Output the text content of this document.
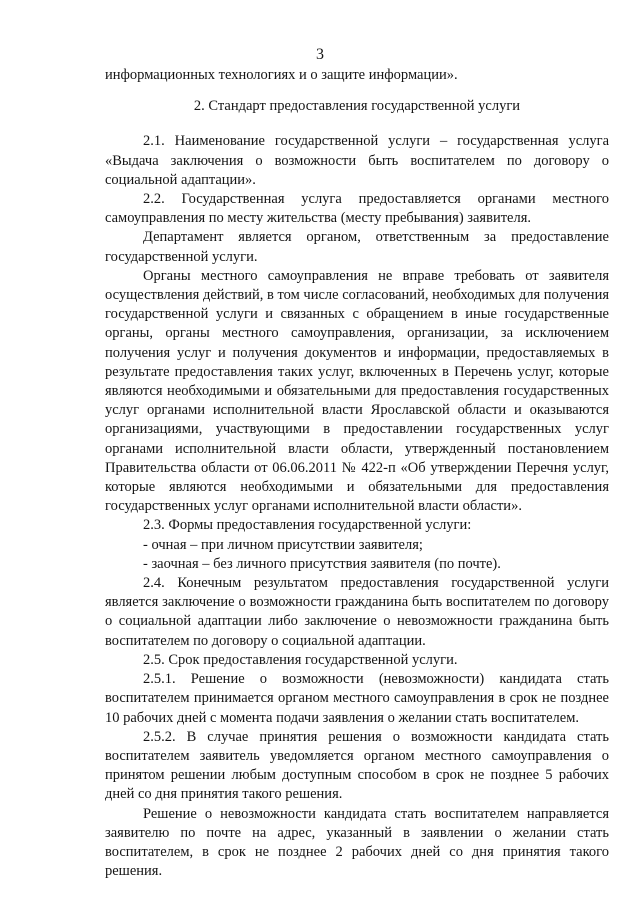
3

информационных технологиях и о защите информации».

2. Стандарт предоставления государственной услуги

2.1. Наименование государственной услуги – государственная услуга «Выдача заключения о возможности быть воспитателем по договору о социальной адаптации».

2.2. Государственная услуга предоставляется органами местного самоуправления по месту жительства (месту пребывания) заявителя.

Департамент является органом, ответственным за предоставление государственной услуги.

Органы местного самоуправления не вправе требовать от заявителя осуществления действий, в том числе согласований, необходимых для получения государственной услуги и связанных с обращением в иные государственные органы, органы местного самоуправления, организации, за исключением получения услуг и получения документов и информации, предоставляемых в результате предоставления таких услуг, включенных в Перечень услуг, которые являются необходимыми и обязательными для предоставления государственных услуг органами исполнительной власти Ярославской области и оказываются организациями, участвующими в предоставлении государственных услуг органами исполнительной власти области, утвержденный постановлением Правительства области от 06.06.2011 № 422-п «Об утверждении Перечня услуг, которые являются необходимыми и обязательными для предоставления государственных услуг органами исполнительной власти области».

2.3. Формы предоставления государственной услуги:

- очная – при личном присутствии заявителя;

- заочная – без личного присутствия заявителя (по почте).

2.4. Конечным результатом предоставления государственной услуги является заключение о возможности гражданина быть воспитателем по договору о социальной адаптации либо заключение о невозможности гражданина быть воспитателем по договору о социальной адаптации.

2.5. Срок предоставления государственной услуги.

2.5.1. Решение о возможности (невозможности) кандидата стать воспитателем принимается органом местного самоуправления в срок не позднее 10 рабочих дней с момента подачи заявления о желании стать воспитателем.

2.5.2. В случае принятия решения о возможности кандидата стать воспитателем заявитель уведомляется органом местного самоуправления о принятом решении любым доступным способом в срок не позднее 5 рабочих дней со дня принятия такого решения.

Решение о невозможности кандидата стать воспитателем направляется заявителю по почте на адрес, указанный в заявлении о желании стать воспитателем, в срок не позднее 2 рабочих дней со дня принятия такого решения.
